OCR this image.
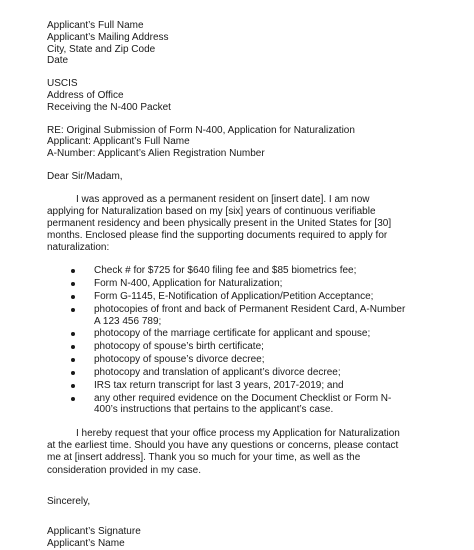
Applicant’s Full Name
Applicant’s Mailing Address
City, State and Zip Code
Date
USCIS
Address of Office
Receiving the N-400 Packet
RE: Original Submission of Form N-400, Application for Naturalization
Applicant: Applicant’s Full Name
A-Number: Applicant’s Alien Registration Number
Dear Sir/Madam,
I was approved as a permanent resident on [insert date]. I am now applying for Naturalization based on my [six] years of continuous verifiable permanent residency and been physically present in the United States for [30] months. Enclosed please find the supporting documents required to apply for naturalization:
Check # for $725 for $640 filing fee and $85 biometrics fee;
Form N-400, Application for Naturalization;
Form G-1145, E-Notification of Application/Petition Acceptance;
photocopies of front and back of Permanent Resident Card, A-Number A 123 456 789;
photocopy of the marriage certificate for applicant and spouse;
photocopy of spouse’s birth certificate;
photocopy of spouse’s divorce decree;
photocopy and translation of applicant’s divorce decree;
IRS tax return transcript for last 3 years, 2017-2019; and
any other required evidence on the Document Checklist or Form N-400’s instructions that pertains to the applicant’s case.
I hereby request that your office process my Application for Naturalization at the earliest time. Should you have any questions or concerns, please contact me at [insert address]. Thank you so much for your time, as well as the consideration provided in my case.
Sincerely,
Applicant’s Signature
Applicant’s Name
